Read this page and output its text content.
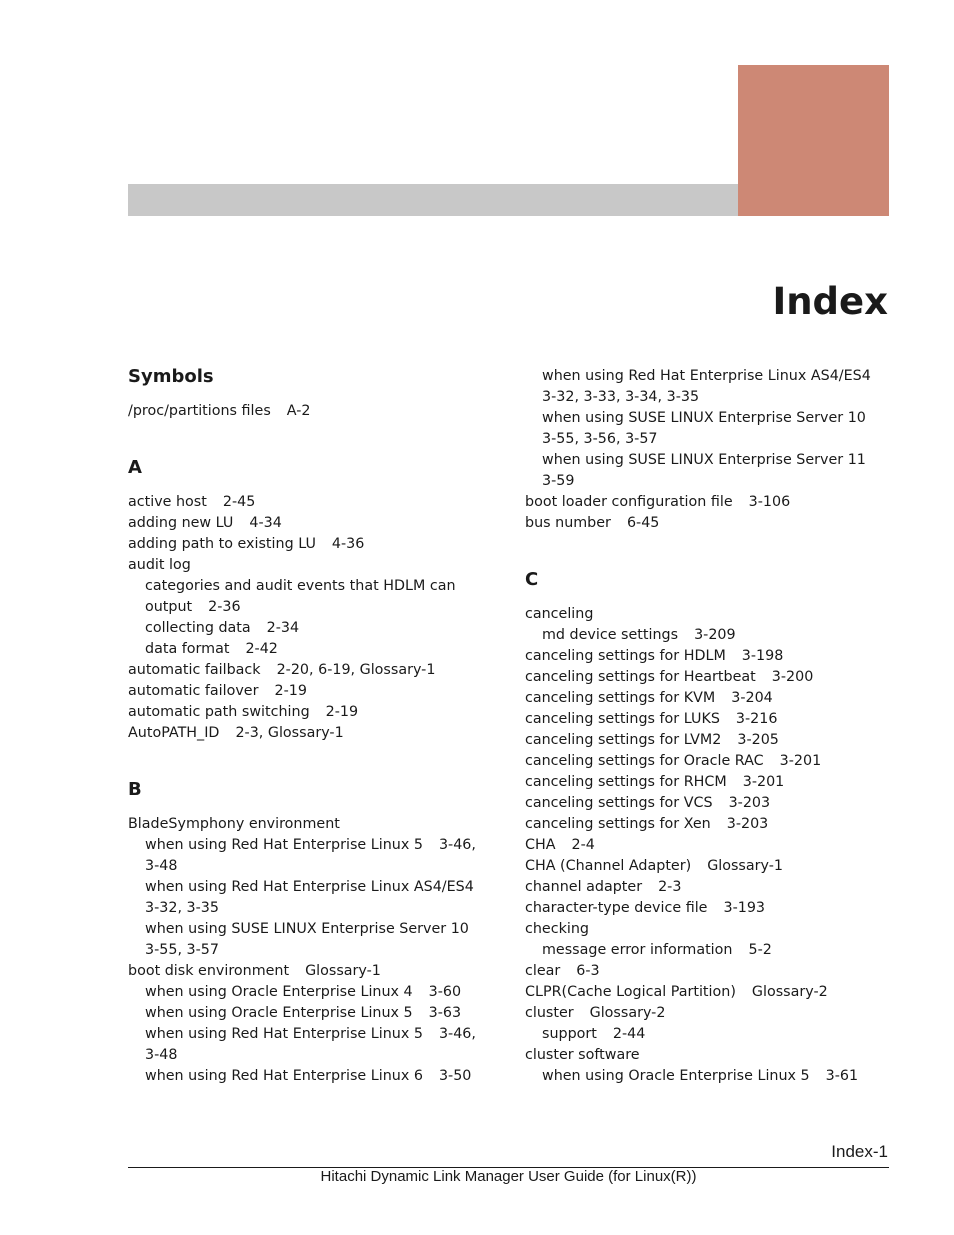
Index
Symbols
/proc/partitions files A-2
A
active host 2-45
adding new LU 4-34
adding path to existing LU 4-36
audit log
categories and audit events that HDLM can
output 2-36
collecting data 2-34
data format 2-42
automatic failback 2-20, 6-19, Glossary-1
automatic failover 2-19
automatic path switching 2-19
AutoPATH_ID 2-3, Glossary-1
B
BladeSymphony environment
when using Red Hat Enterprise Linux 5 3-46,
3-48
when using Red Hat Enterprise Linux AS4/ES4
3-32, 3-35
when using SUSE LINUX Enterprise Server 10
3-55, 3-57
boot disk environment Glossary-1
when using Oracle Enterprise Linux 4 3-60
when using Oracle Enterprise Linux 5 3-63
when using Red Hat Enterprise Linux 5 3-46,
3-48
when using Red Hat Enterprise Linux 6 3-50
when using Red Hat Enterprise Linux AS4/ES4
3-32, 3-33, 3-34, 3-35
when using SUSE LINUX Enterprise Server 10
3-55, 3-56, 3-57
when using SUSE LINUX Enterprise Server 11
3-59
boot loader configuration file 3-106
bus number 6-45
C
canceling
md device settings 3-209
canceling settings for HDLM 3-198
canceling settings for Heartbeat 3-200
canceling settings for KVM 3-204
canceling settings for LUKS 3-216
canceling settings for LVM2 3-205
canceling settings for Oracle RAC 3-201
canceling settings for RHCM 3-201
canceling settings for VCS 3-203
canceling settings for Xen 3-203
CHA 2-4
CHA (Channel Adapter) Glossary-1
channel adapter 2-3
character-type device file 3-193
checking
message error information 5-2
clear 6-3
CLPR(Cache Logical Partition) Glossary-2
cluster Glossary-2
support 2-44
cluster software
when using Oracle Enterprise Linux 5 3-61
Index-1
Hitachi Dynamic Link Manager User Guide (for Linux(R))
